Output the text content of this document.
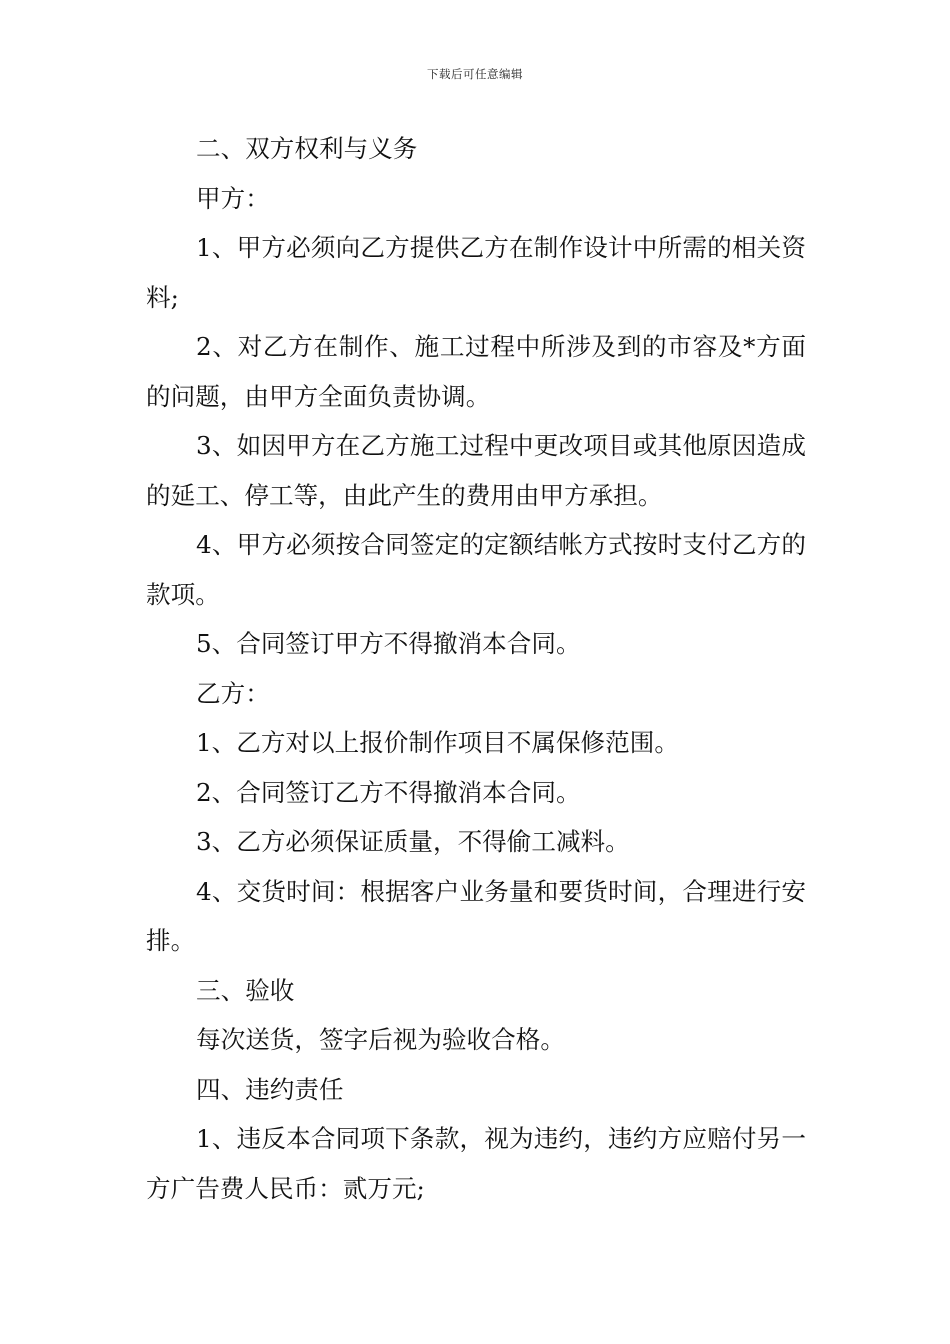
下载后可任意编辑

二、双方权利与义务

甲方：

1、甲方必须向乙方提供乙方在制作设计中所需的相关资料;

2、对乙方在制作、施工过程中所涉及到的市容及*方面的问题，由甲方全面负责协调。

3、如因甲方在乙方施工过程中更改项目或其他原因造成的延工、停工等，由此产生的费用由甲方承担。

4、甲方必须按合同签定的定额结帐方式按时支付乙方的款项。

5、合同签订甲方不得撤消本合同。

乙方：

1、乙方对以上报价制作项目不属保修范围。

2、合同签订乙方不得撤消本合同。

3、乙方必须保证质量，不得偷工减料。

4、交货时间：根据客户业务量和要货时间，合理进行安排。

三、验收

每次送货，签字后视为验收合格。

四、违约责任

1、违反本合同项下条款，视为违约，违约方应赔付另一方广告费人民币：贰万元;
